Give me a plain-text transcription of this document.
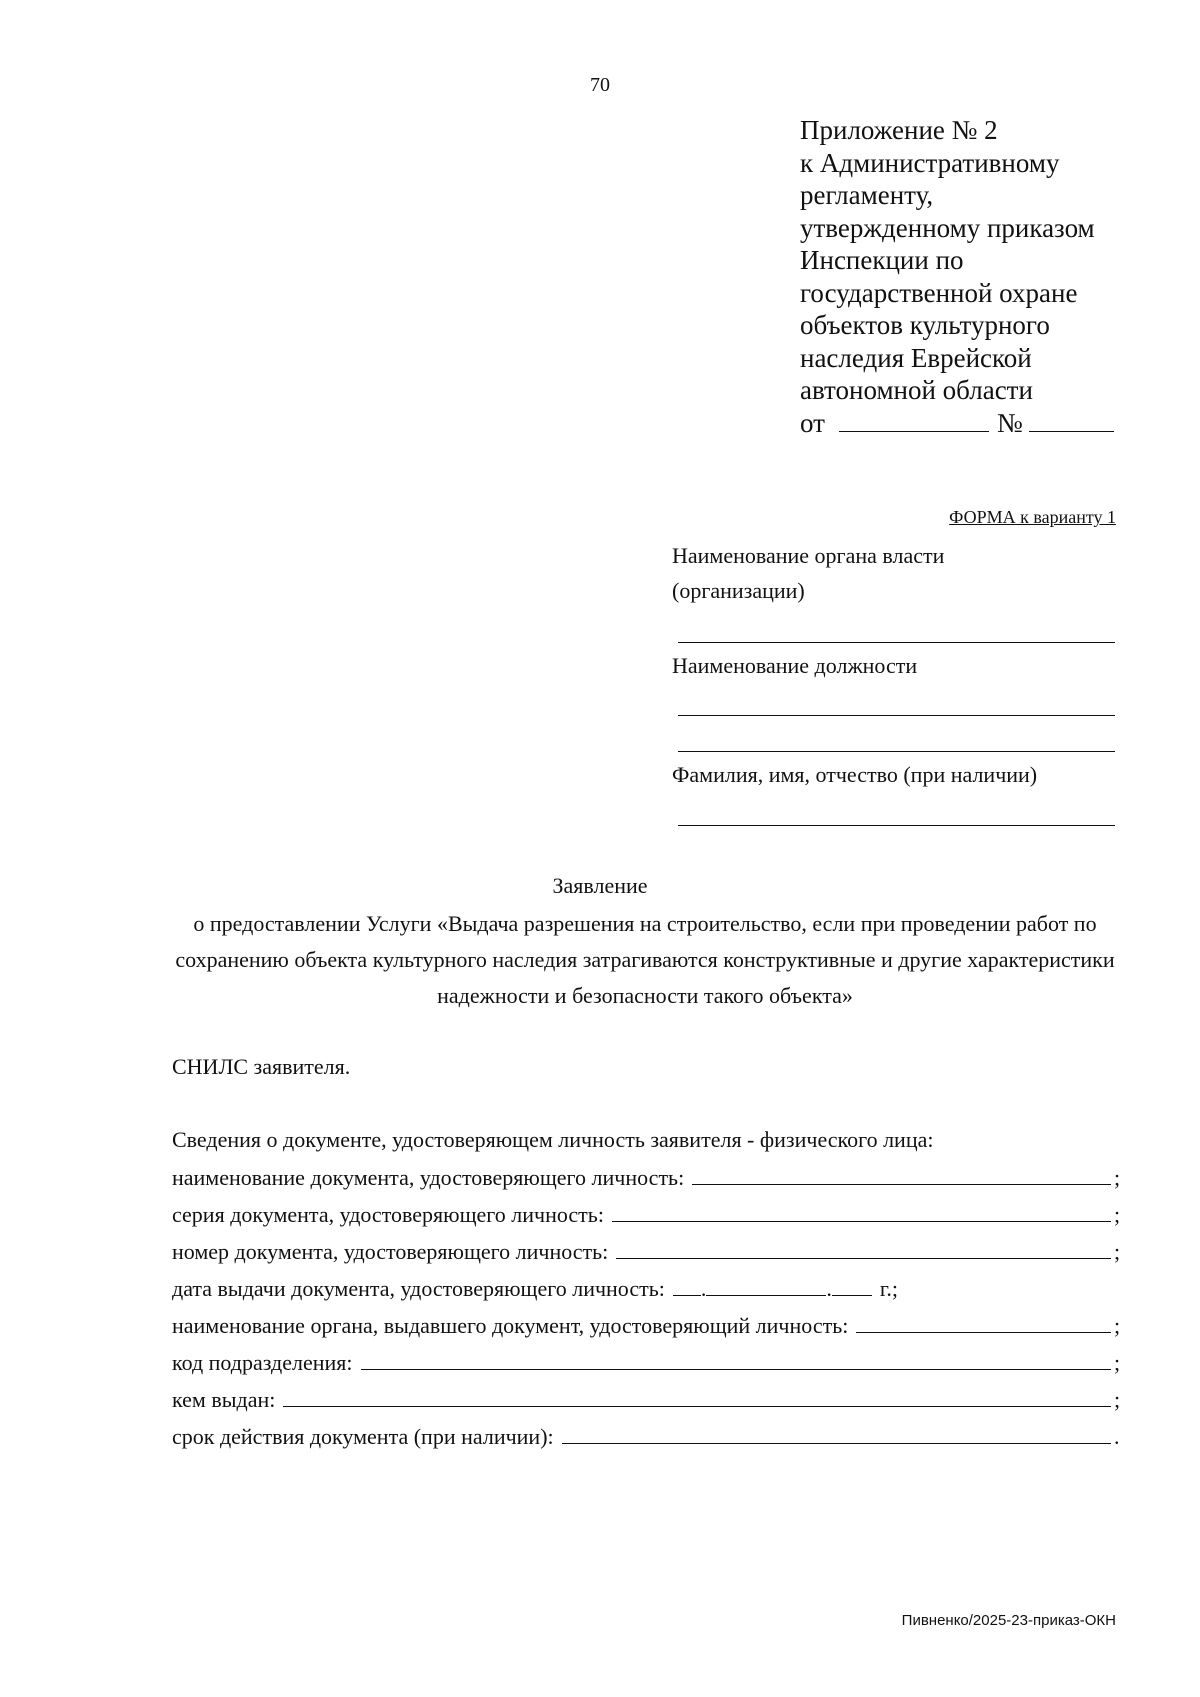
70
Приложение № 2
к Административному
регламенту,
утвержденному приказом
Инспекции по
государственной охране
объектов культурного
наследия Еврейской
автономной области
от	№
ФОРМА к варианту 1
Наименование органа власти
(организации)
Наименование должности
Фамилия, имя, отчество (при наличии)
Заявление
о предоставлении Услуги «Выдача разрешения на строительство, если при проведении работ по сохранению объекта культурного наследия затрагиваются конструктивные и другие характеристики надежности и безопасности такого объекта»
СНИЛС заявителя.
Сведения о документе, удостоверяющем личность заявителя - физического лица:
наименование документа, удостоверяющего личность:	;
серия документа, удостоверяющего личность:	;
номер документа, удостоверяющего личность:	;
дата выдачи документа, удостоверяющего личность: .	. г.;
наименование органа, выдавшего документ, удостоверяющий личность:	;
код подразделения:	;
кем выдан:	;
срок действия документа (при наличии):	.
Пивненко/2025-23-приказ-ОКН
